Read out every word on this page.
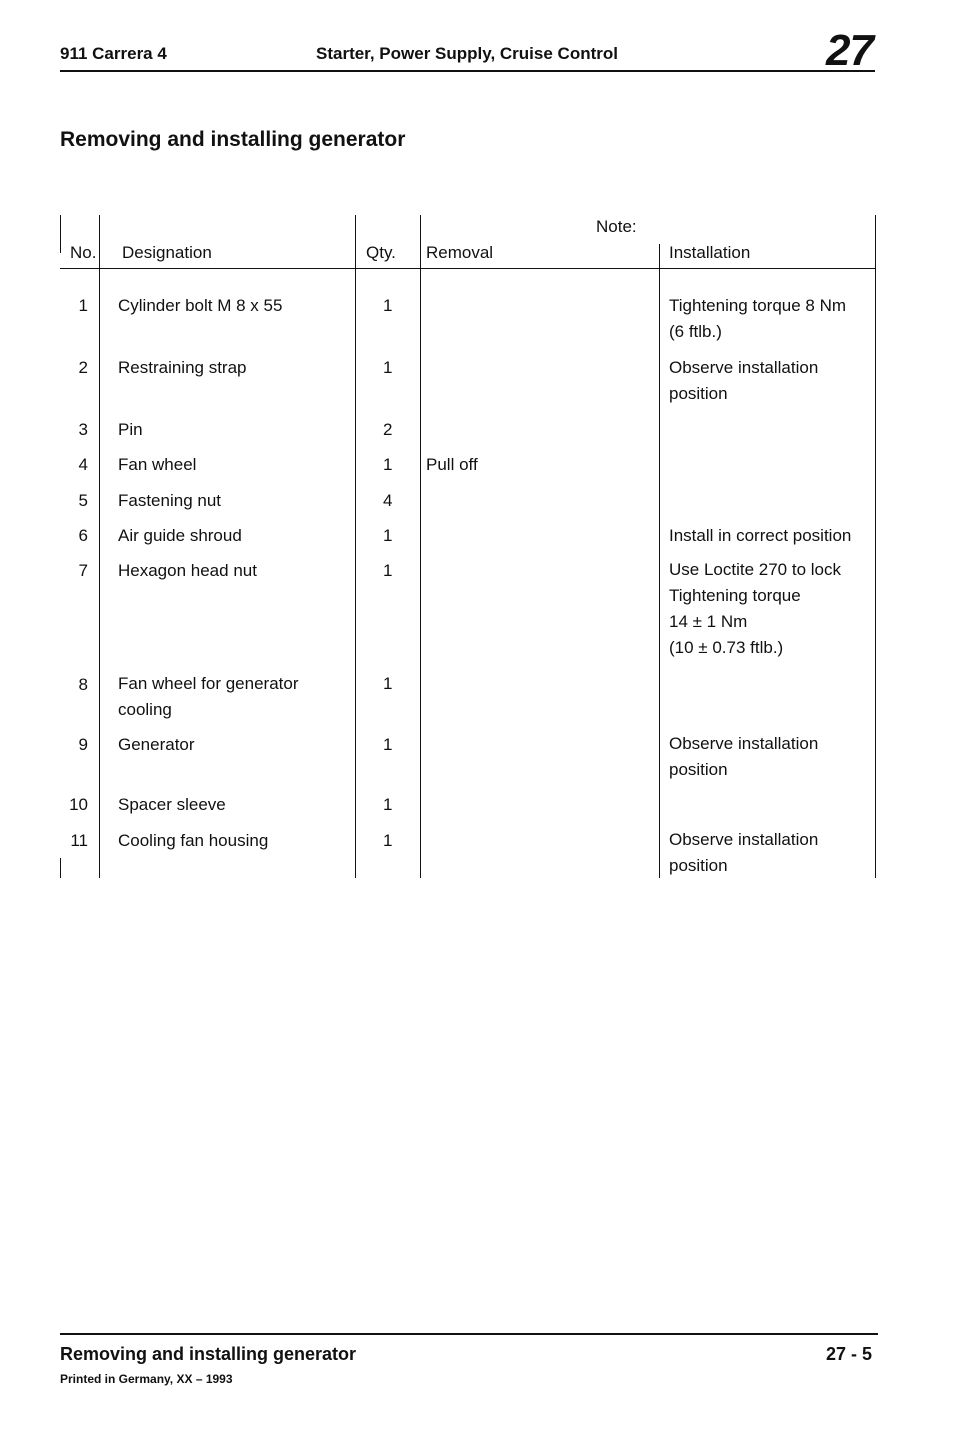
911 Carrera 4	Starter, Power Supply, Cruise Control	27
Removing and installing generator
Note:
No. Designation	Qty. Removal	Installation
1 Cylinder bolt M 8 x 55	1	Tightening torque 8 Nm
(6 ftlb.)
2 Restraining strap	1	Observe installation
position
3 Pin	2
4 Fan wheel	1 Pull off
5 Fastening nut	4
6 Air guide shroud	1	Install in correct position
7 Hexagon head nut	1	Use Loctite 270 to lock
Tightening torque
14 ± 1 Nm
(10 ± 0.73 ftlb.)
8 Fan wheel for generator
cooling
1
9 Generator	1	Observe installation
position
10 Spacer sleeve	1
11 Cooling fan housing	1	Observe installation
position
Removing and installing generator	27 - 5
Printed in Germany, XX – 1993
